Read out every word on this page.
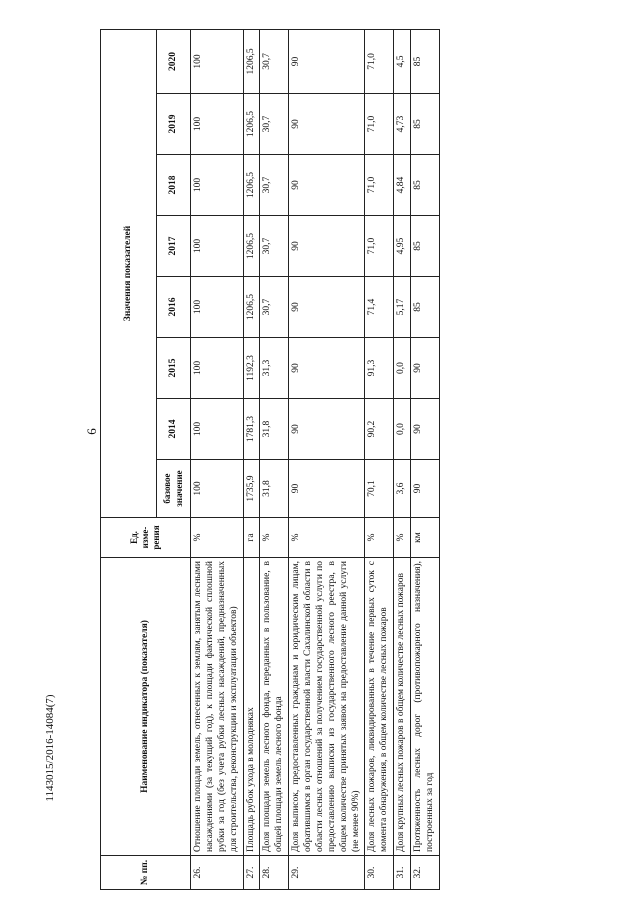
6
№ пп.	Наименование индикатора (показателя)	Ед. изме- рения	Значения показателей							
			базовое значение	2014	2015	2016	2017	2018	2019	2020
26.	Отношение площади земель, отнесенных к землям, занятым лесными насаждениями (за текущий год), к площади фактической сплошной рубки за год (без учета рубки лесных насаждений, предназначенных для строительства, реконструкции и эксплуатации объектов)	%	100	100	100	100	100	100	100	100
27.	Площадь рубок ухода в молодняках	га	1735,9	1781,3	1192,3	1206,5	1206,5	1206,5	1206,5	1206,5
28.	Доля площади земель лесного фонда, переданных в пользование, в общей площади земель лесного фонда	%	31,8	31,8	31,3	30,7	30,7	30,7	30,7	30,7
29.	Доля выписок, предоставленных гражданам и юридическим лицам, обратившимся в орган государственной власти Сахалинской области в области лесных отношений за получением государственной услуги по предоставлению выписки из государственного лесного реестра, в общем количестве принятых заявок на предоставление данной услуги (не менее 90%)	%	90	90	90	90	90	90	90	90
30.	Доля лесных пожаров, ликвидированных в течение первых суток с момента обнаружения, в общем количестве лесных пожаров	%	70,1	90,2	91,3	71,4	71,0	71,0	71,0	71,0
31.	Доля крупных лесных пожаров в общем количестве лесных пожаров	%	3,6	0,0	0,0	5,17	4,95	4,84	4,73	4,5
32.	Протяженность лесных дорог (противопожарного назначения), построенных за год	км	90	90	90	85	85	85	85	85
1143015/2016-14084(7)
